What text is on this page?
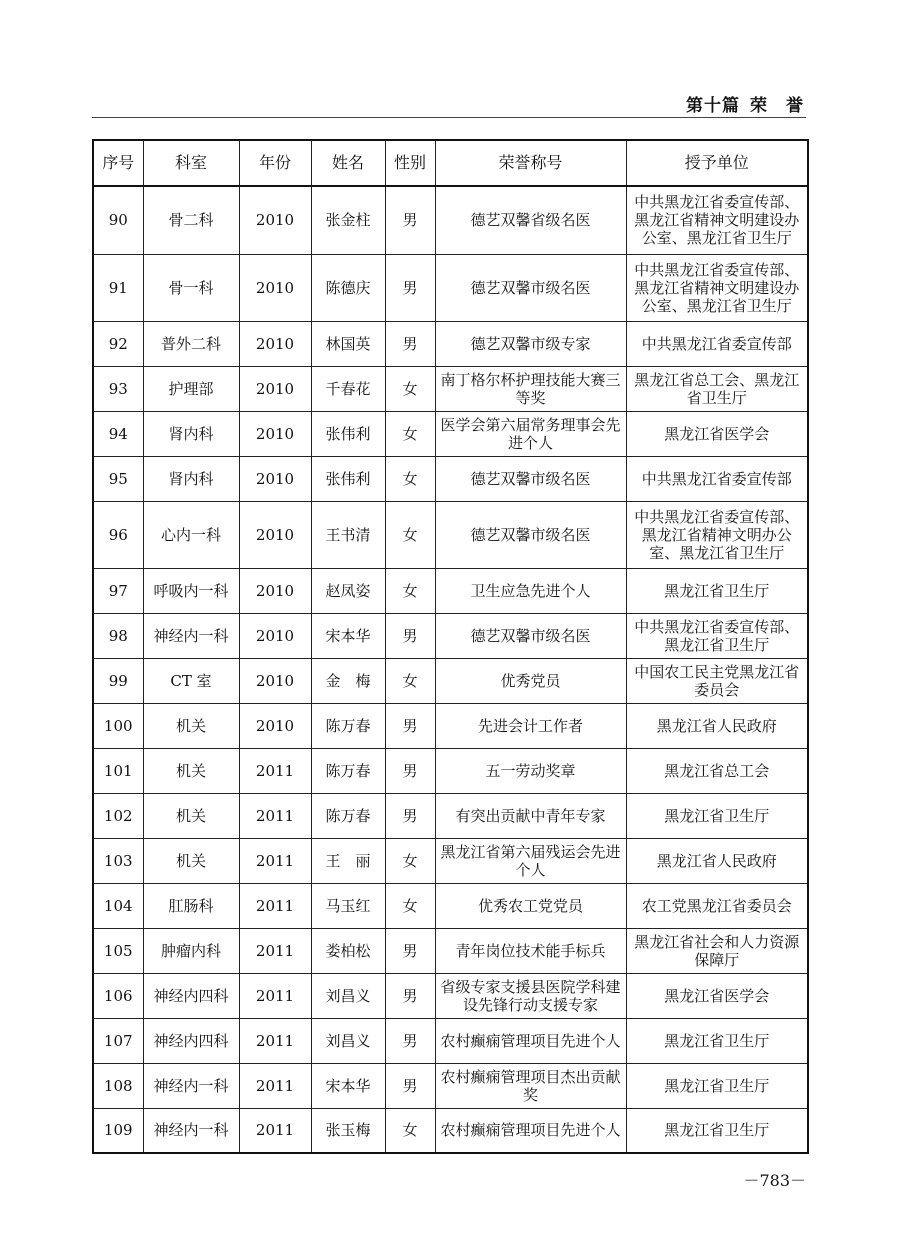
第十篇 荣　誉
序号	科室	年份	姓名	性别	荣誉称号	授予单位
90	骨二科	2010	张金柱	男	德艺双馨省级名医	中共黑龙江省委宣传部、黑龙江省精神文明建设办公室、黑龙江省卫生厅
91	骨一科	2010	陈德庆	男	德艺双馨市级名医	中共黑龙江省委宣传部、黑龙江省精神文明建设办公室、黑龙江省卫生厅
92	普外二科	2010	林国英	男	德艺双馨市级专家	中共黑龙江省委宣传部
93	护理部	2010	千春花	女	南丁格尔杯护理技能大赛三等奖	黑龙江省总工会、黑龙江省卫生厅
94	肾内科	2010	张伟利	女	医学会第六届常务理事会先进个人	黑龙江省医学会
95	肾内科	2010	张伟利	女	德艺双馨市级名医	中共黑龙江省委宣传部
96	心内一科	2010	王书清	女	德艺双馨市级名医	中共黑龙江省委宣传部、黑龙江省精神文明办公室、黑龙江省卫生厅
97	呼吸内一科	2010	赵凤姿	女	卫生应急先进个人	黑龙江省卫生厅
98	神经内一科	2010	宋本华	男	德艺双馨市级名医	中共黑龙江省委宣传部、黑龙江省卫生厅
99	CT 室	2010	金　梅	女	优秀党员	中国农工民主党黑龙江省委员会
100	机关	2010	陈万春	男	先进会计工作者	黑龙江省人民政府
101	机关	2011	陈万春	男	五一劳动奖章	黑龙江省总工会
102	机关	2011	陈万春	男	有突出贡献中青年专家	黑龙江省卫生厅
103	机关	2011	王　丽	女	黑龙江省第六届残运会先进个人	黑龙江省人民政府
104	肛肠科	2011	马玉红	女	优秀农工党党员	农工党黑龙江省委员会
105	肿瘤内科	2011	娄柏松	男	青年岗位技术能手标兵	黑龙江省社会和人力资源保障厅
106	神经内四科	2011	刘昌义	男	省级专家支援县医院学科建设先锋行动支援专家	黑龙江省医学会
107	神经内四科	2011	刘昌义	男	农村癫痫管理项目先进个人	黑龙江省卫生厅
108	神经内一科	2011	宋本华	男	农村癫痫管理项目杰出贡献奖	黑龙江省卫生厅
109	神经内一科	2011	张玉梅	女	农村癫痫管理项目先进个人	黑龙江省卫生厅
－783－
